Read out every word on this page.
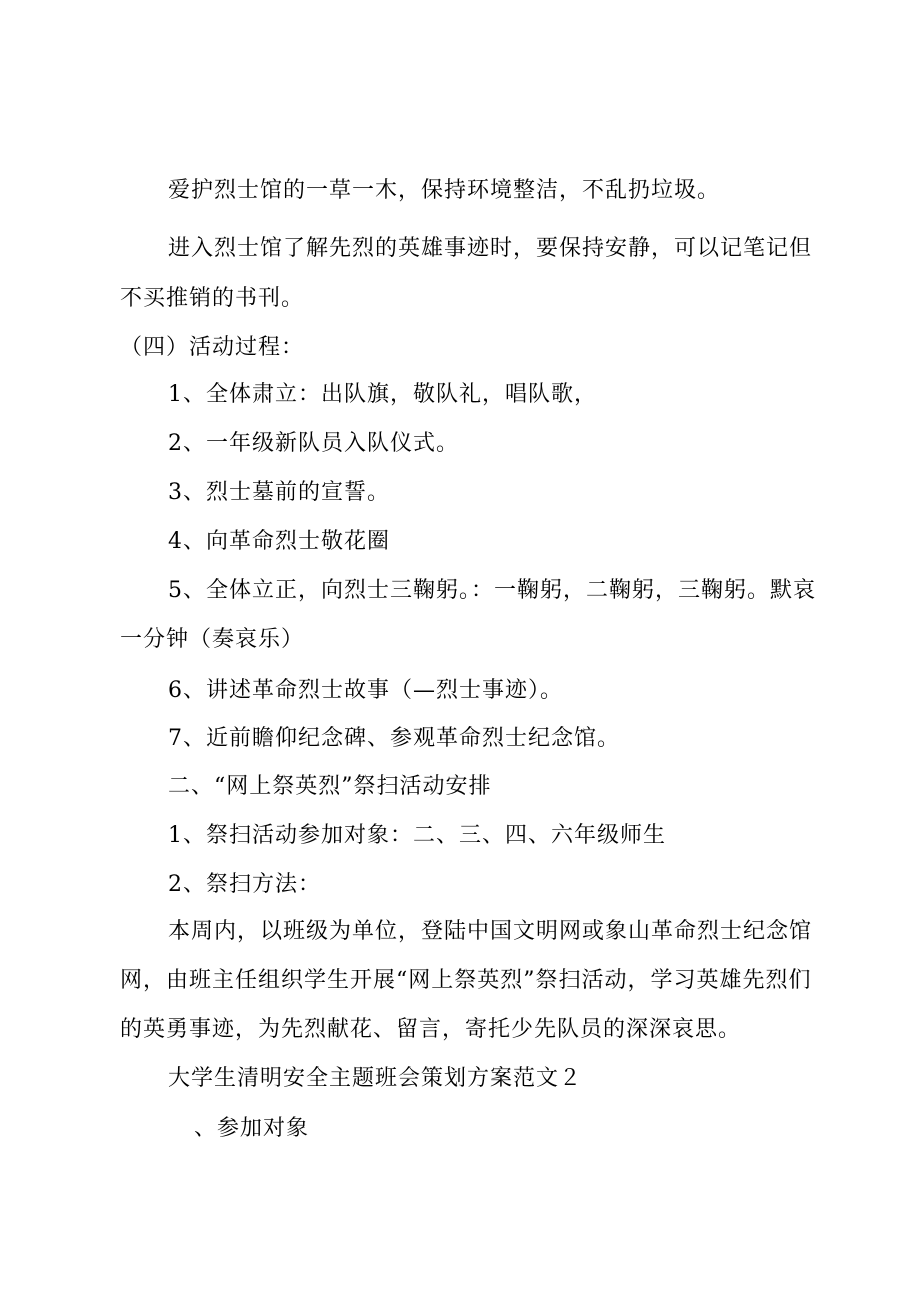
爱护烈士馆的一草一木，保持环境整洁，不乱扔垃圾。
进入烈士馆了解先烈的英雄事迹时，要保持安静，可以记笔记但
不买推销的书刊。
（四）活动过程：
1、全体肃立：出队旗，敬队礼，唱队歌，
2、一年级新队员入队仪式。
3、烈士墓前的宣誓。
4、向革命烈士敬花圈
5、全体立正，向烈士三鞠躬。：一鞠躬，二鞠躬，三鞠躬。默哀
一分钟（奏哀乐）
6、讲述革命烈士故事（—烈士事迹）。
7、近前瞻仰纪念碑、参观革命烈士纪念馆。
二、“网上祭英烈”祭扫活动安排
1、祭扫活动参加对象：二、三、四、六年级师生
2、祭扫方法：
本周内，以班级为单位，登陆中国文明网或象山革命烈士纪念馆
网，由班主任组织学生开展“网上祭英烈”祭扫活动，学习英雄先烈们
的英勇事迹，为先烈献花、留言，寄托少先队员的深深哀思。
大学生清明安全主题班会策划方案范文２
、参加对象
